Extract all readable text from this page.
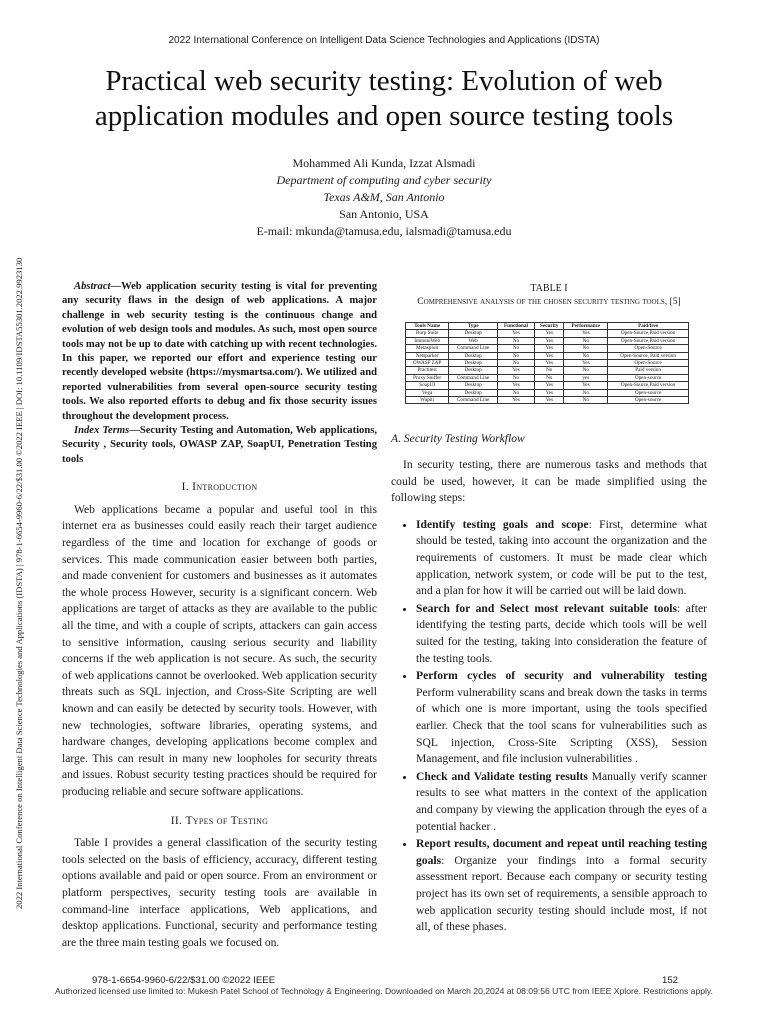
2022 International Conference on Intelligent Data Science Technologies and Applications (IDSTA)
2022 International Conference on Intelligent Data Science Technologies and Applications (IDSTA) | 978-1-6654-9960-6/22/$31.00 ©2022 IEEE | DOI: 10.1109/IDSTA55301.2022.9923130
Practical web security testing: Evolution of web application modules and open source testing tools
Mohammed Ali Kunda, Izzat Alsmadi
Department of computing and cyber security
Texas A&M, San Antonio
San Antonio, USA
E-mail: mkunda@tamusa.edu, ialsmadi@tamusa.edu

Abstract—Web application security testing is vital for preventing any security flaws in the design of web applications. A major challenge in web security testing is the continuous change and evolution of web design tools and modules. As such, most open source tools may not be up to date with catching up with recent technologies. In this paper, we reported our effort and experience testing our recently developed website (https://mysmartsa.com/). We utilized and reported vulnerabilities from several open-source security testing tools. We also reported efforts to debug and fix those security issues throughout the development process.

Index Terms—Security Testing and Automation, Web applications, Security , Security tools, OWASP ZAP, SoapUI, Penetration Testing tools

I. Introduction

Web applications became a popular and useful tool in this internet era as businesses could easily reach their target audience regardless of the time and location for exchange of goods or services. This made communication easier between both parties, and made convenient for customers and businesses as it automates the whole process However, security is a significant concern. Web applications are target of attacks as they are available to the public all the time, and with a couple of scripts, attackers can gain access to sensitive information, causing serious security and liability concerns if the web application is not secure. As such, the security of web applications cannot be overlooked. Web application security threats such as SQL injection, and Cross-Site Scripting are well known and can easily be detected by security tools. However, with new technologies, software libraries, operating systems, and hardware changes, developing applications become complex and large. This can result in many new loopholes for security threats and issues. Robust security testing practices should be required for producing reliable and secure software applications.

II. Types of Testing

Table I provides a general classification of the security testing tools selected on the basis of efficiency, accuracy, different testing options available and paid or open source. From an environment or platform perspectives, security testing tools are available in command-line interface applications, Web applications, and desktop applications. Functional, security and performance testing are the three main testing goals we focused on.

TABLE I
Comprehensive analysis of the chosen security testing tools, [5]
Tools Name	Type	Functional	Security	Performance	Paid/free
Burp Suite	Desktop	Yes	Yes	Yes	Open-Source,Paid version
ImmuniWeb	Web	No	Yes	No	Open-Source,Paid version
Metasploit	Command Line	No	Yes	No	Open-Source
Netsparker	Desktop	No	Yes	No	Open-Source, Paid version
OWASP ZAP	Desktop	No	Yes	Yes	Open-Source
Practitest	Desktop	Yes	No	No	Paid version
Proxy Sniffer	Command Line	No	No	yes	Open-source
SoapUI	Desktop	Yes	Yes	Yes	Open-Source,Paid version
Vega	Desktop	No	Yes	No	Open-source
Wapiti	Command Line	Yes	Yes	No	Open-source
A. Security Testing Workflow

In security testing, there are numerous tasks and methods that could be used, however, it can be made simplified using the following steps:

• Identify testing goals and scope: First, determine what should be tested, taking into account the organization and the requirements of customers. It must be made clear which application, network system, or code will be put to the test, and a plan for how it will be carried out will be laid down.
• Search for and Select most relevant suitable tools: after identifying the testing parts, decide which tools will be well suited for the testing, taking into consideration the feature of the testing tools.
• Perform cycles of security and vulnerability testing Perform vulnerability scans and break down the tasks in terms of which one is more important, using the tools specified earlier. Check that the tool scans for vulnerabilities such as SQL injection, Cross-Site Scripting (XSS), Session Management, and file inclusion vulnerabilities .
• Check and Validate testing results Manually verify scanner results to see what matters in the context of the application and company by viewing the application through the eyes of a potential hacker .
• Report results, document and repeat until reaching testing goals: Organize your findings into a formal security assessment report. Because each company or security testing project has its own set of requirements, a sensible approach to web application security testing should include most, if not all, of these phases.
978-1-6654-9960-6/22/$31.00 ©2022 IEEE	152
Authorized licensed use limited to: Mukesh Patel School of Technology & Engineering. Downloaded on March 20,2024 at 08:09:56 UTC from IEEE Xplore. Restrictions apply.
